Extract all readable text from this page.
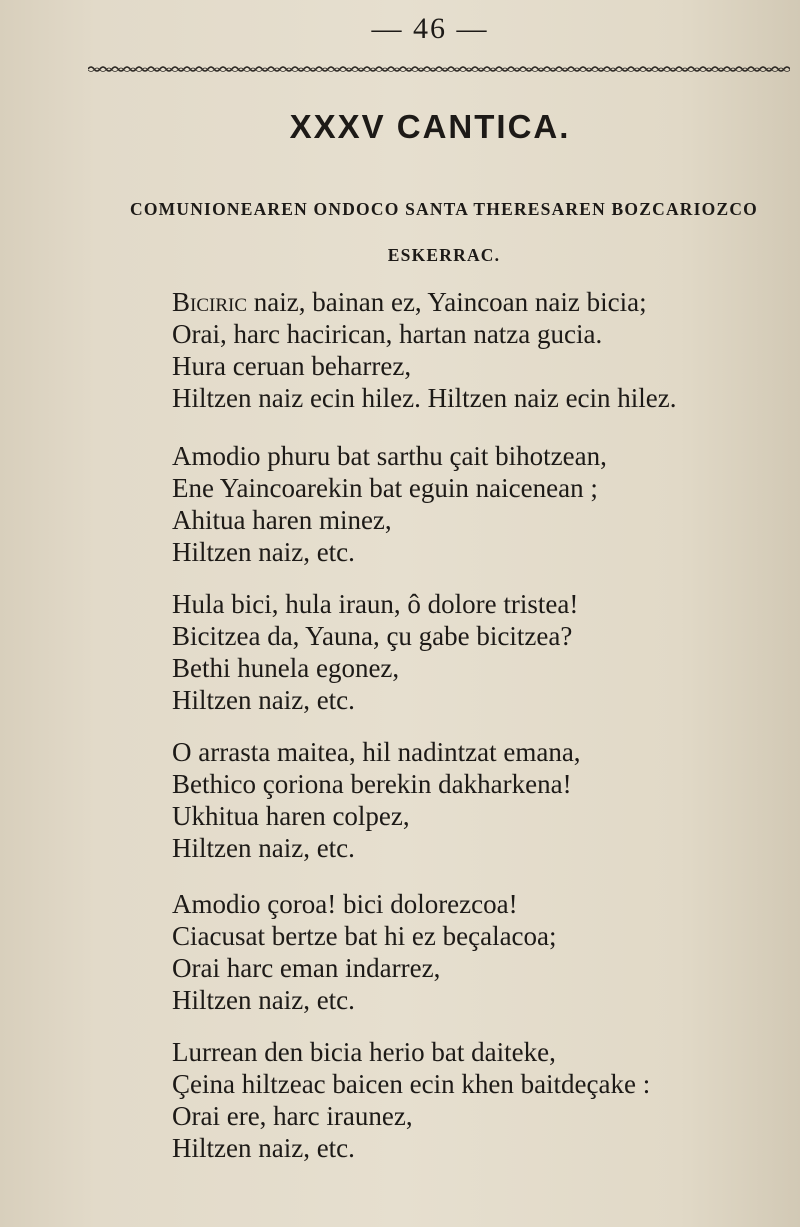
— 46 —
XXXV CANTICA.
COMUNIONEAREN ONDOCO SANTA THERESAREN BOZCARIOZCO ESKERRAC.
Biciric naiz, bainan ez, Yaincoan naiz bicia;
Orai, harc hacirican, hartan natza gucia.
Hura ceruan beharrez,
Hiltzen naiz ecin hilez. Hiltzen naiz ecin hilez.
Amodio phuru bat sarthu çait bihotzean,
Ene Yaincoarekin bat eguin naicenean ;
Ahitua haren minez,
Hiltzen naiz, etc.
Hula bici, hula iraun, ô dolore tristea!
Bicitzea da, Yauna, çu gabe bicitzea?
Bethi hunela egonez,
Hiltzen naiz, etc.
O arrasta maitea, hil nadintzat emana,
Bethico çoriona berekin dakharkena!
Ukhitua haren colpez,
Hiltzen naiz, etc.
Amodio çoroa! bici dolorezcoa!
Ciacusat bertze bat hi ez beçalacoa;
Orai harc eman indarrez,
Hiltzen naiz, etc.
Lurrean den bicia herio bat daiteke,
Çeina hiltzeac baicen ecin khen baitdeçake :
Orai ere, harc iraunez,
Hiltzen naiz, etc.
